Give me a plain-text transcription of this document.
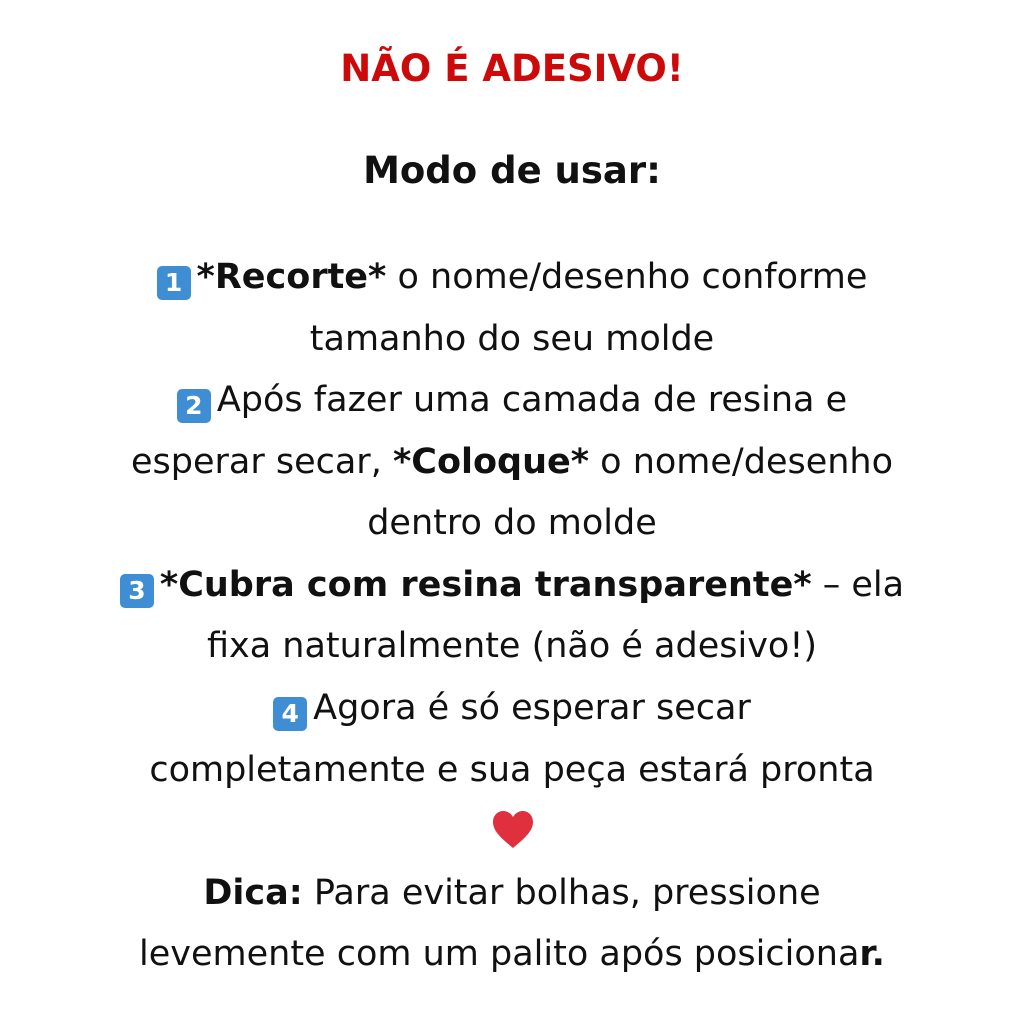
NÃO É ADESIVO!
Modo de usar:
1 *Recorte* o nome/desenho conforme
tamanho do seu molde
2 Após fazer uma camada de resina e
esperar secar, *Coloque* o nome/desenho
dentro do molde
3 *Cubra com resina transparente* – ela
fixa naturalmente (não é adesivo!)
4 Agora é só esperar secar
completamente e sua peça estará pronta
Dica: Para evitar bolhas, pressione
levemente com um palito após posicionar.
